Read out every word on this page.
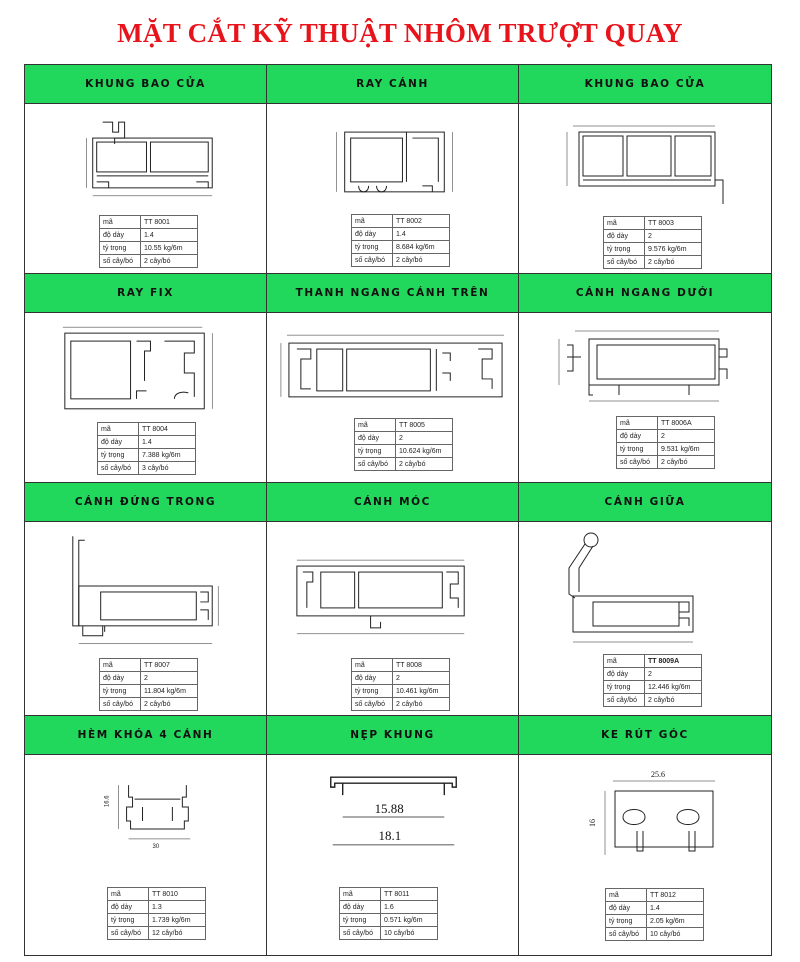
MẶT CẮT KỸ THUẬT NHÔM TRƯỢT QUAY
KHUNG BAO CỬA
mã	TT 8001
độ dày	1.4
tỷ trọng	10.55 kg/6m
số cây/bó	2 cây/bó
RAY CÁNH
mã	TT 8002
độ dày	1.4
tỷ trọng	8.684 kg/6m
số cây/bó	2 cây/bó
KHUNG BAO CỬA
mã	TT 8003
độ dày	2
tỷ trọng	9.576 kg/6m
số cây/bó	2 cây/bó
RAY FIX
mã	TT 8004
độ dày	1.4
tỷ trọng	7.388 kg/6m
số cây/bó	3 cây/bó
THANH NGANG CÁNH TRÊN
mã	TT 8005
độ dày	2
tỷ trọng	10.624 kg/6m
số cây/bó	2 cây/bó
CÁNH NGANG DƯỚI
mã	TT 8006A
độ dày	2
tỷ trọng	9.531 kg/6m
số cây/bó	2 cây/bó
CÁNH ĐỨNG TRONG
mã	TT 8007
độ dày	2
tỷ trọng	11.804 kg/6m
số cây/bó	2 cây/bó
CÁNH MÓC
mã	TT 8008
độ dày	2
tỷ trọng	10.461 kg/6m
số cây/bó	2 cây/bó
CÁNH GIỮA
mã	TT 8009A
độ dày	2
tỷ trọng	12.446 kg/6m
số cây/bó	2 cây/bó
HÈM KHÓA 4 CÁNH
16.6
30
mã	TT 8010
độ dày	1.3
tỷ trọng	1.739 kg/6m
số cây/bó	12 cây/bó
NẸP KHUNG
15.88
18.1
mã	TT 8011
độ dày	1.6
tỷ trọng	0.571 kg/6m
số cây/bó	10 cây/bó
KE RÚT GÓC
25.6
16
mã	TT 8012
độ dày	1.4
tỷ trọng	2.05 kg/6m
số cây/bó	10 cây/bó
